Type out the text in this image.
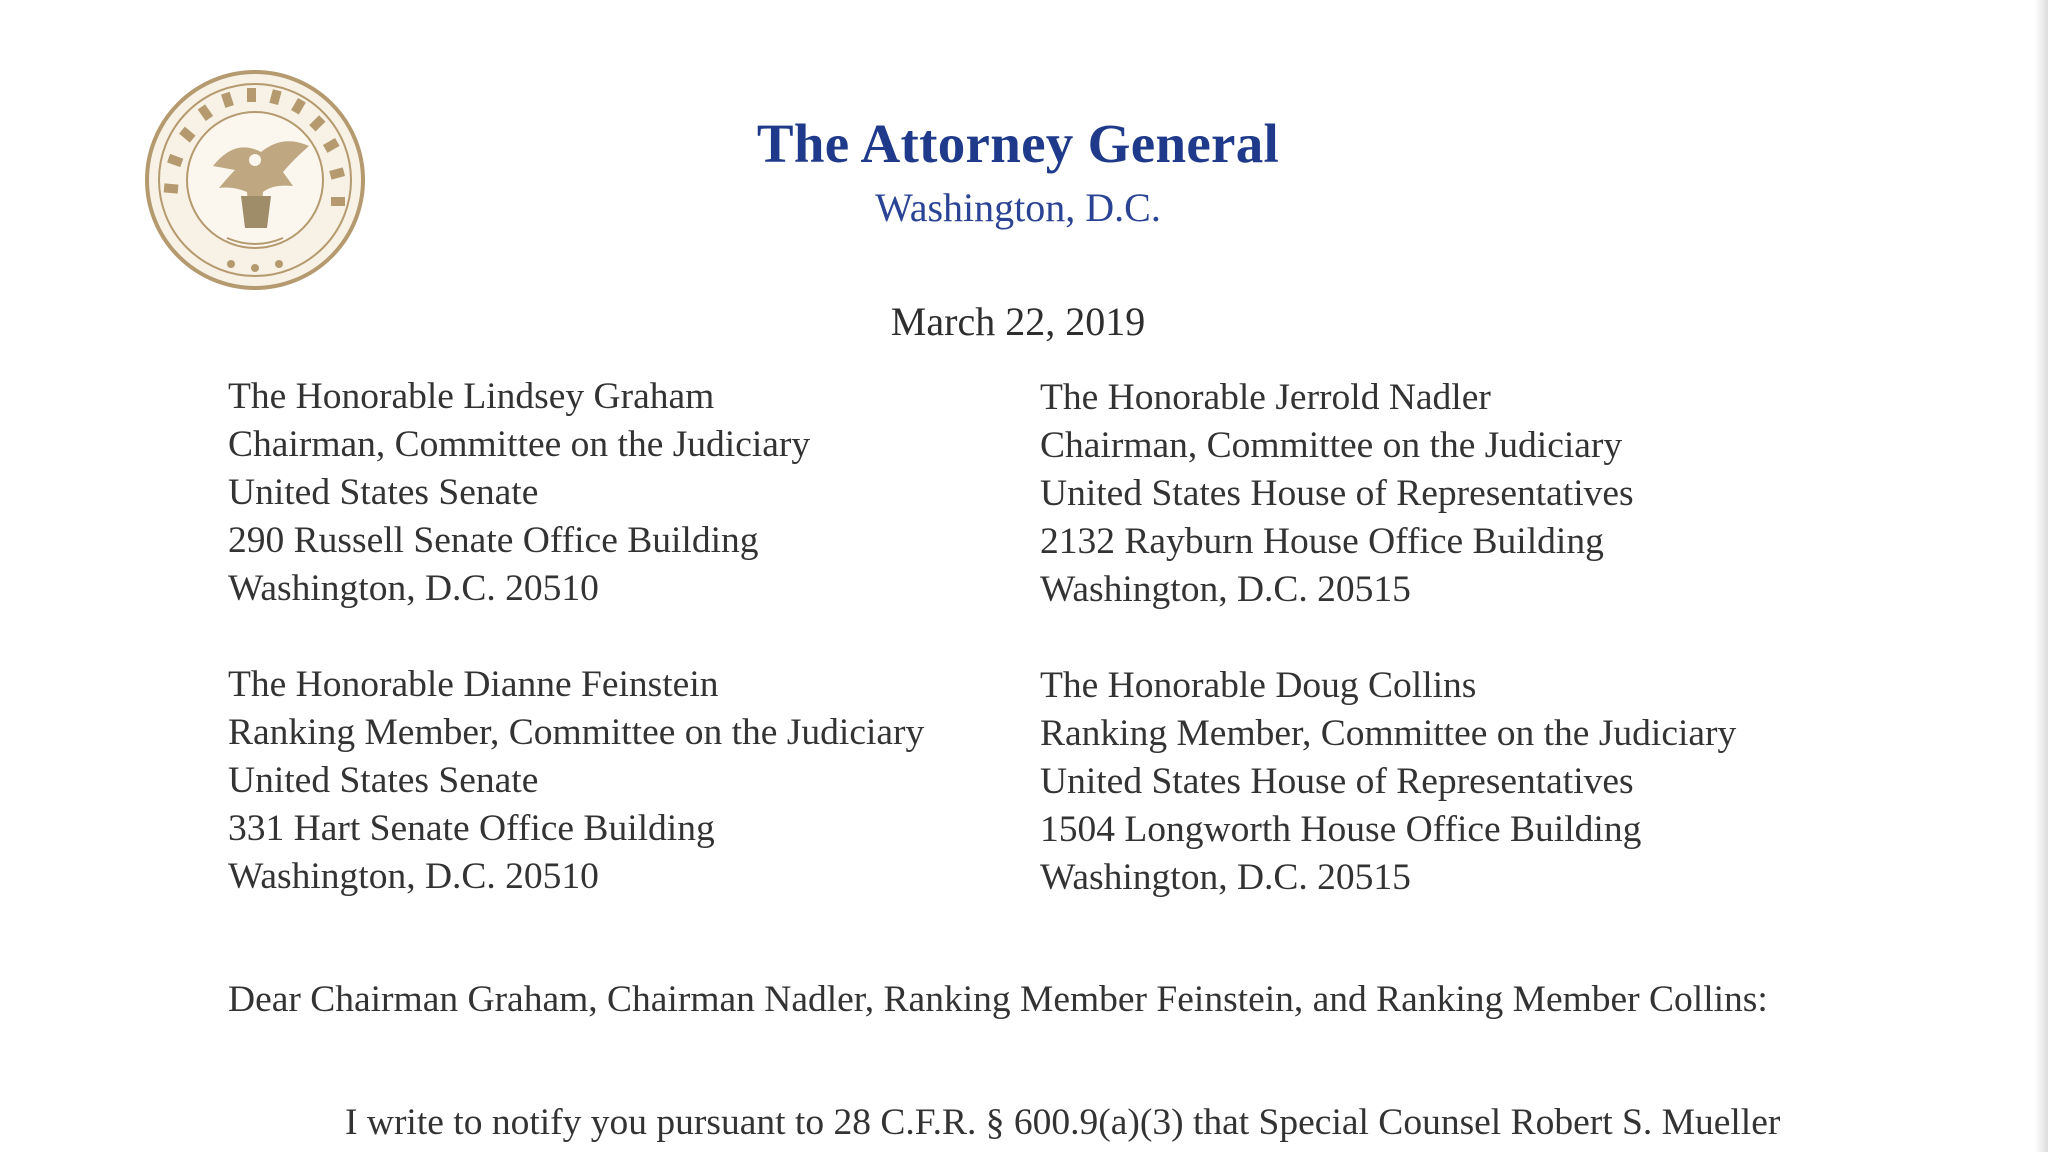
The Attorney General
Washington, D.C.
March 22, 2019
The Honorable Lindsey Graham
Chairman, Committee on the Judiciary
United States Senate
290 Russell Senate Office Building
Washington, D.C. 20510
The Honorable Jerrold Nadler
Chairman, Committee on the Judiciary
United States House of Representatives
2132 Rayburn House Office Building
Washington, D.C. 20515
The Honorable Dianne Feinstein
Ranking Member, Committee on the Judiciary
United States Senate
331 Hart Senate Office Building
Washington, D.C. 20510
The Honorable Doug Collins
Ranking Member, Committee on the Judiciary
United States House of Representatives
1504 Longworth House Office Building
Washington, D.C. 20515
Dear Chairman Graham, Chairman Nadler, Ranking Member Feinstein, and Ranking Member Collins:
I write to notify you pursuant to 28 C.F.R. § 600.9(a)(3) that Special Counsel Robert S. Mueller
